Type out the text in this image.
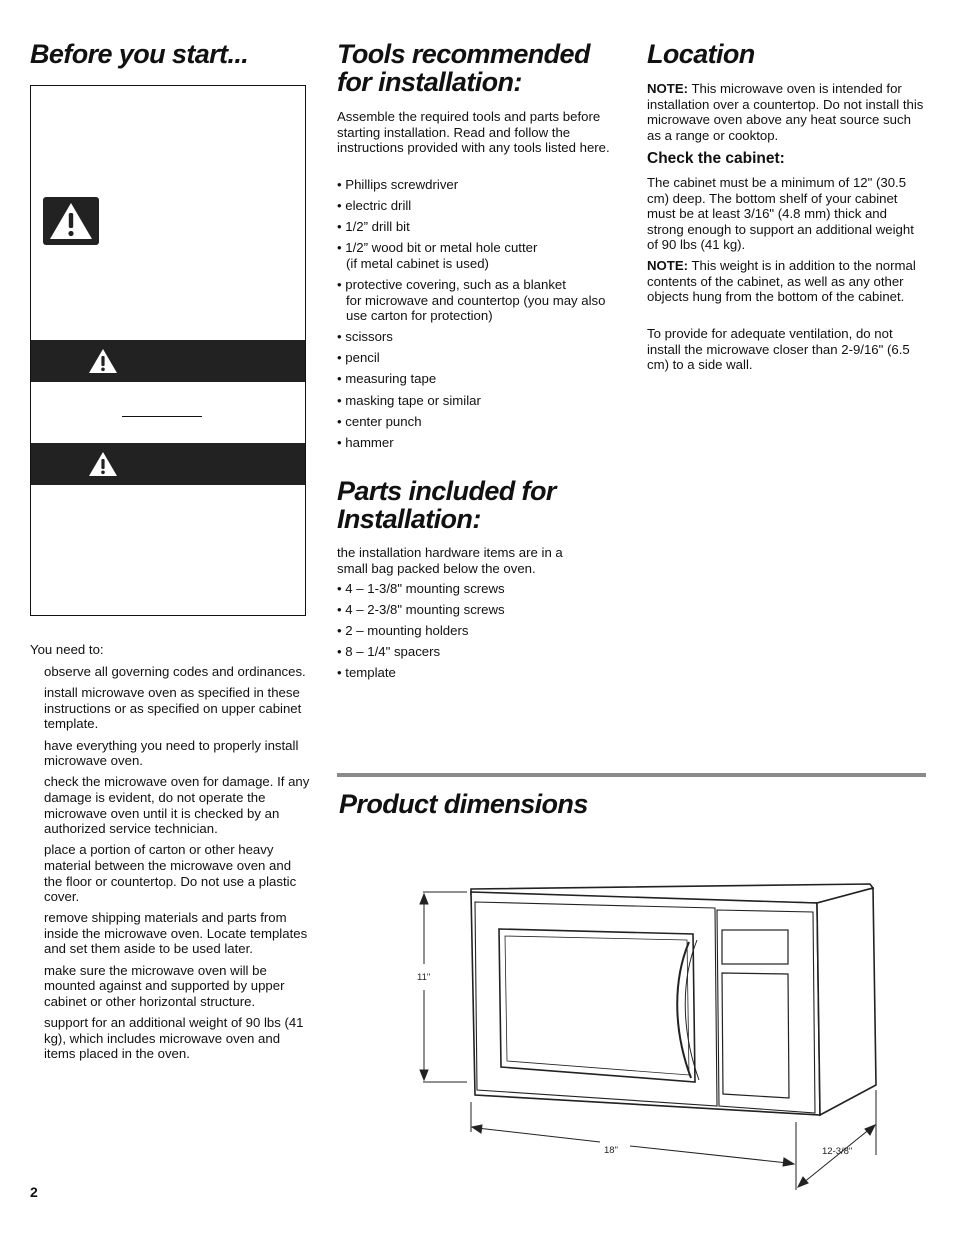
Before you start...

You need to:

observe all governing codes and ordinances.
install microwave oven as specified in these instructions or as specified on upper cabinet template.
have everything you need to properly install microwave oven.
check the microwave oven for damage. If any damage is evident, do not operate the microwave oven until it is checked by an authorized service technician.
place a portion of carton or other heavy material between the microwave oven and the floor or countertop. Do not use a plastic cover.
remove shipping materials and parts from inside the microwave oven. Locate templates and set them aside to be used later.
make sure the microwave oven will be mounted against and supported by upper cabinet or other horizontal structure.
support for an additional weight of 90 lbs (41 kg), which includes microwave oven and items placed in the oven.
Tools recommended
for installation:

Assemble the required tools and parts before starting installation. Read and follow the instructions provided with any tools listed here.

• Phillips screwdriver
• electric drill
• 1/2” drill bit
• 1/2” wood bit or metal hole cutter
(if metal cabinet is used)
• protective covering, such as a blanket
for microwave and countertop (you may also use carton for protection)
• scissors
• pencil
• measuring tape
• masking tape or similar
• center punch
• hammer
Parts included for
Installation:

the installation hardware items are in a small bag packed below the oven.

• 4 – 1-3/8" mounting screws
• 4 – 2-3/8" mounting screws
• 2 – mounting holders
• 8 – 1/4" spacers
• template
Location

NOTE: This microwave oven is intended for installation over a countertop. Do not install this microwave oven above any heat source such as a range or cooktop.

Check the cabinet:

The cabinet must be a minimum of 12" (30.5 cm) deep. The bottom shelf of your cabinet must be at least 3/16" (4.8 mm) thick and strong enough to support an additional weight of 90 lbs (41 kg).

NOTE: This weight is in addition to the normal contents of the cabinet, as well as any other objects hung from the bottom of the cabinet.

To provide for adequate ventilation, do not install the microwave closer than 2-9/16" (6.5 cm) to a side wall.

Product dimensions
11"
18"	12-3/8"
2
